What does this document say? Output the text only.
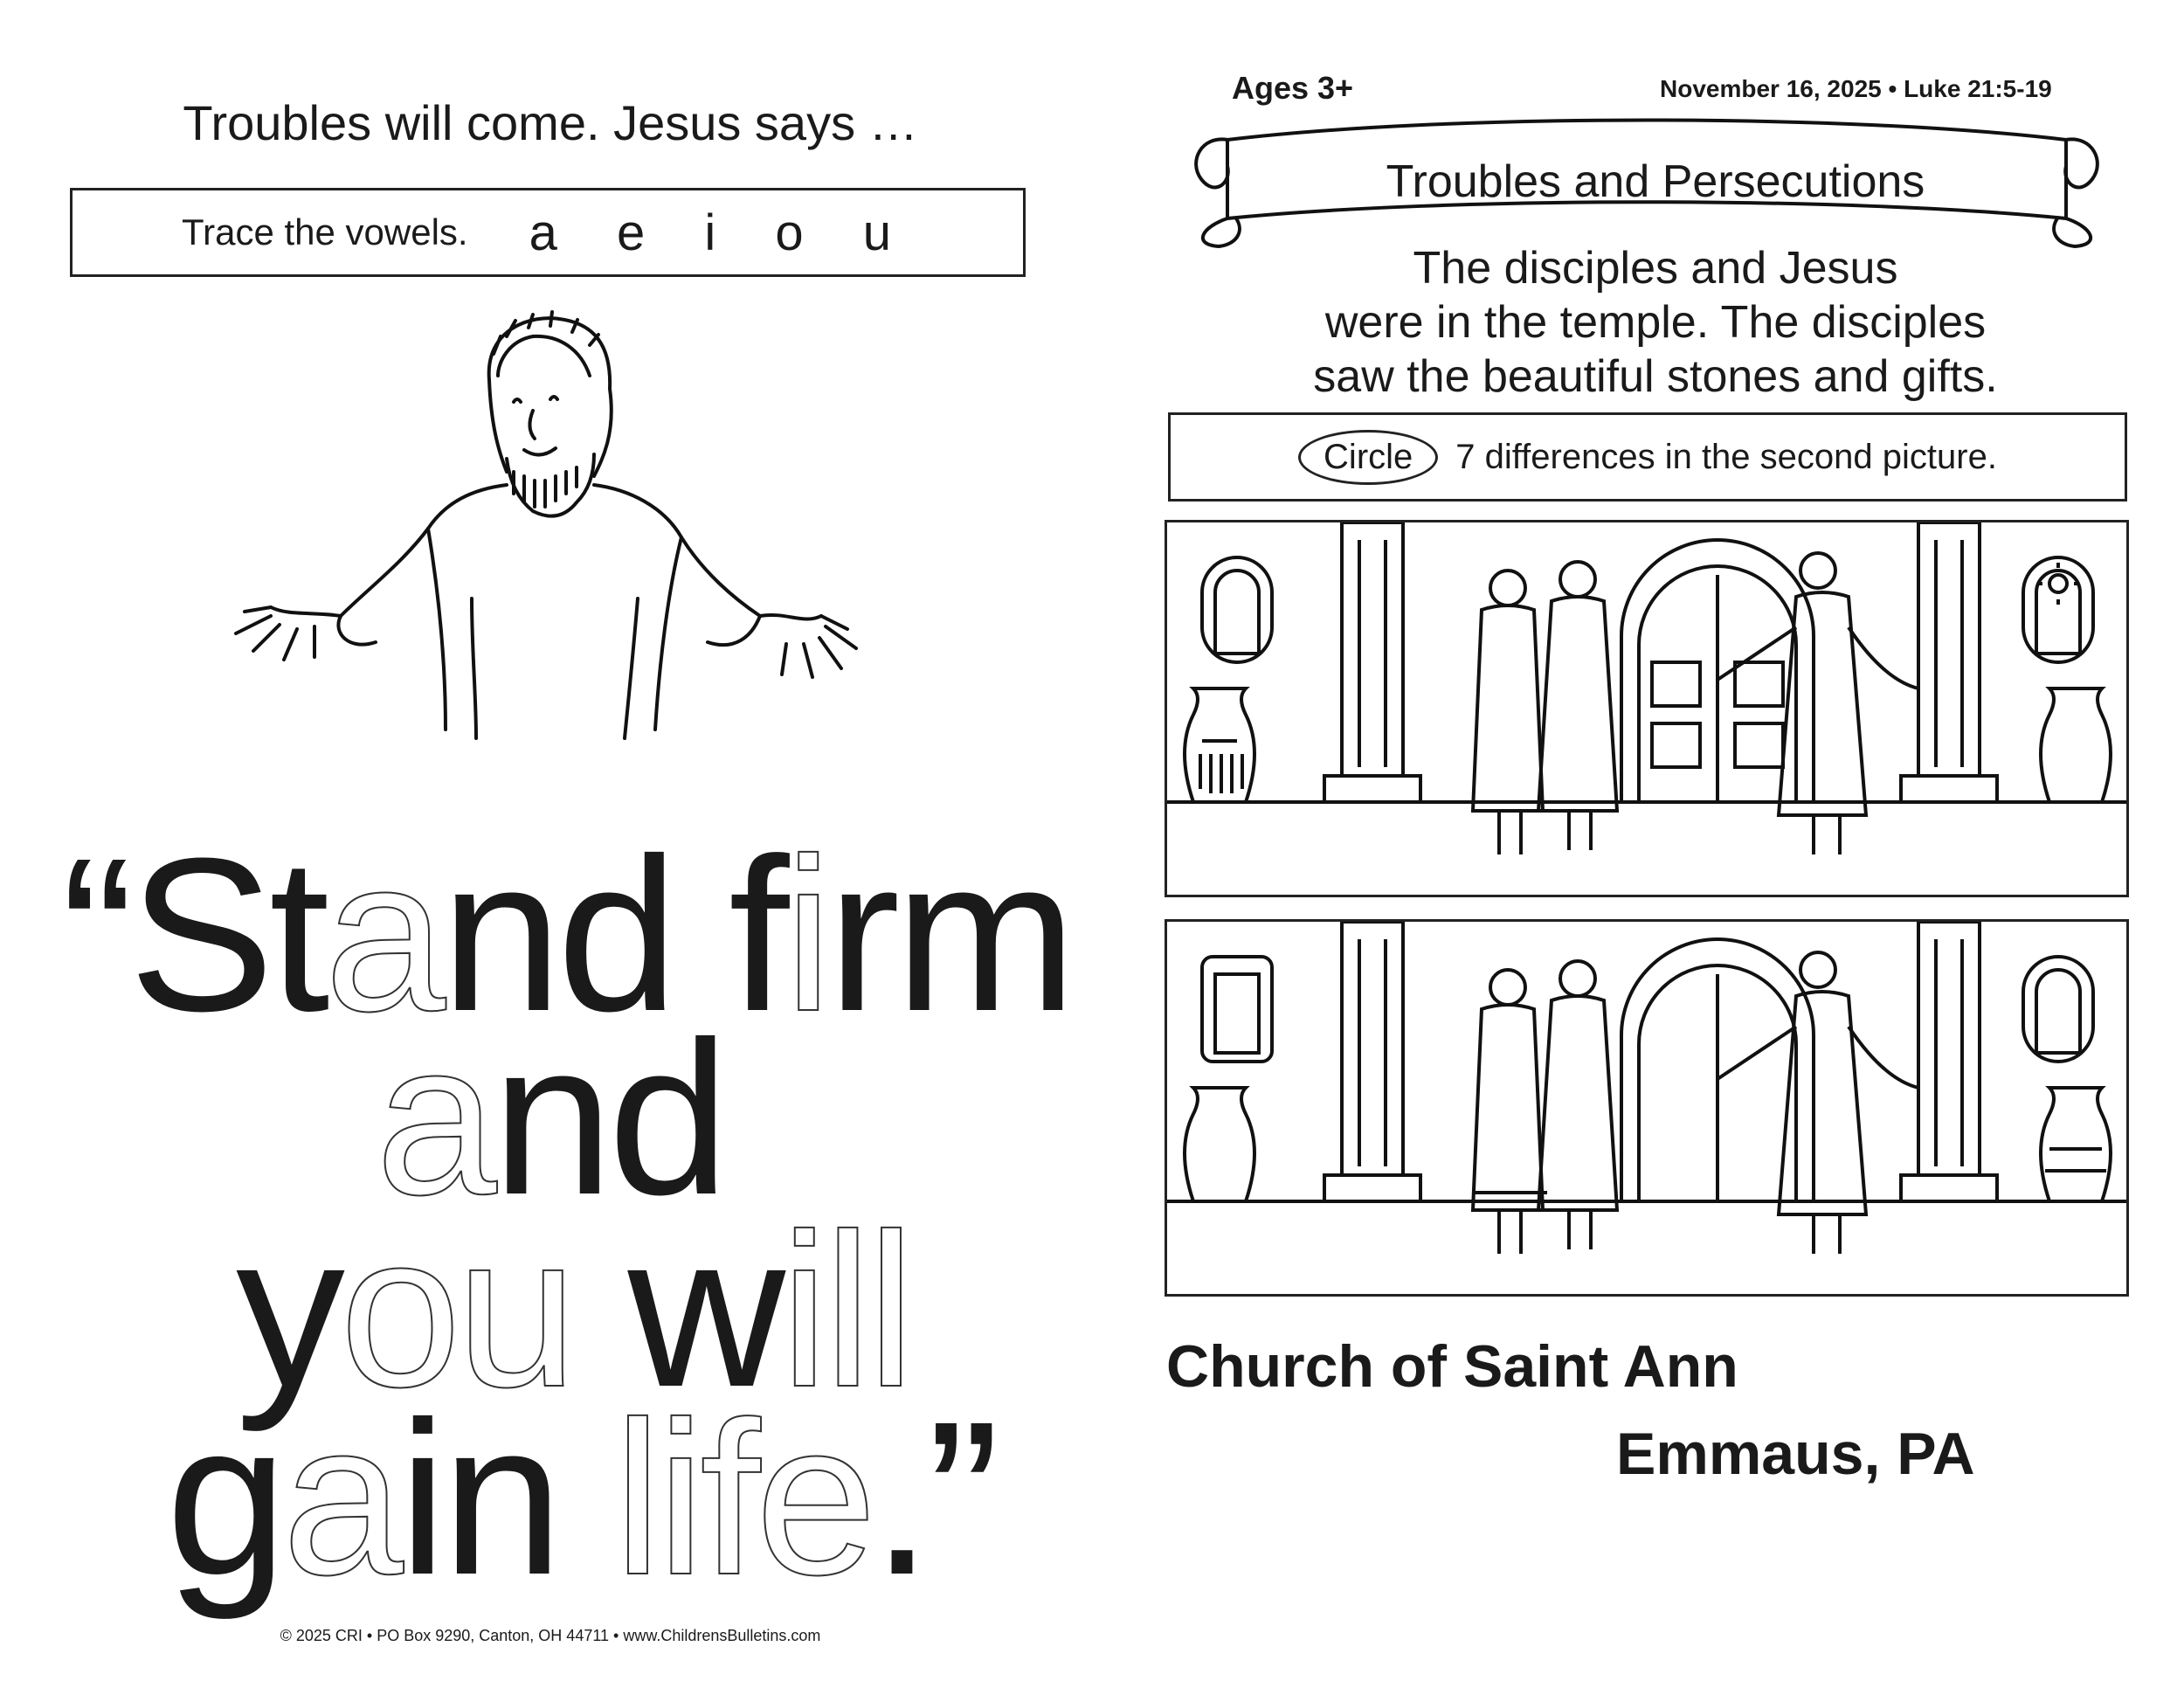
Troubles will come. Jesus says …
Trace the vowels. a e i o u
“Stand firm
and
you will
gain life.”
© 2025 CRI • PO Box 9290, Canton, OH 44711 • www.ChildrensBulletins.com
Ages 3+	November 16, 2025 • Luke 21:5-19
Troubles and Persecutions
The disciples and Jesus
were in the temple. The disciples
saw the beautiful stones and gifts.
Circle	7 differences in the second picture.
Church of Saint Ann
Emmaus, PA
